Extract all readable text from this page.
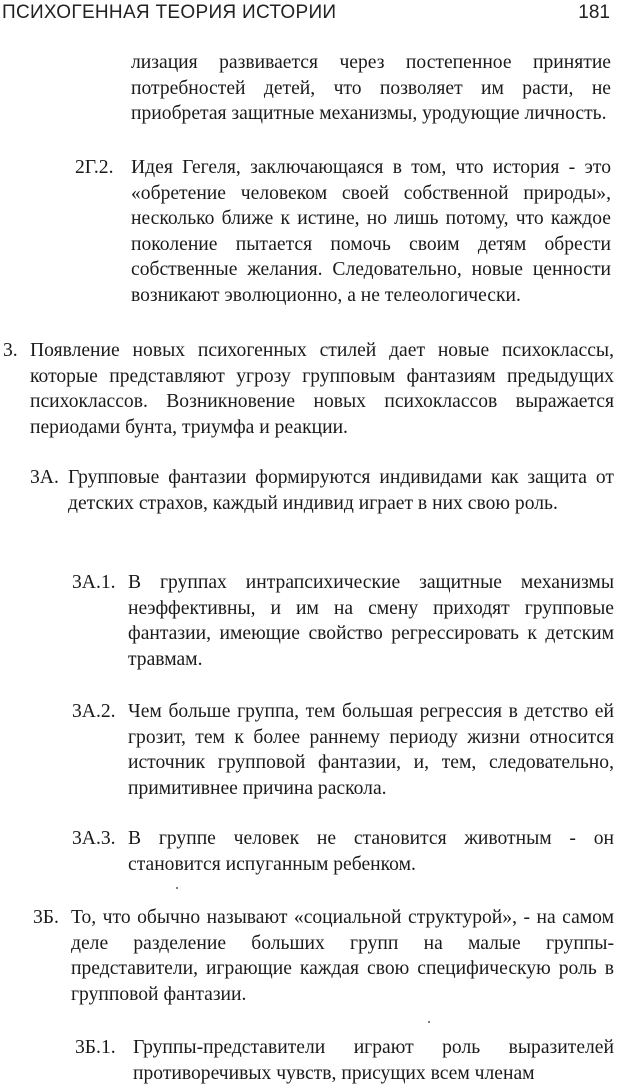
ПСИХОГЕННАЯ ТЕОРИЯ ИСТОРИИ	181
лизация развивается через постепенное принятие потребностей детей, что позволяет им расти, не приобретая защитные механизмы, уродующие личность.
2Г.2. Идея Гегеля, заключающаяся в том, что история - это «обретение человеком своей собственной природы», несколько ближе к истине, но лишь потому, что каждое поколение пытается помочь своим детям обрести собственные желания. Следовательно, новые ценности возникают эволюционно, а не телеологически.
3. Появление новых психогенных стилей дает новые психоклассы, которые представляют угрозу групповым фантазиям предыдущих психоклассов. Возникновение новых психоклассов выражается периодами бунта, триумфа и реакции.
3А. Групповые фантазии формируются индивидами как защита от детских страхов, каждый индивид играет в них свою роль.
3А.1. В группах интрапсихические защитные механизмы неэффективны, и им на смену приходят групповые фантазии, имеющие свойство регрессировать к детским травмам.
3А.2. Чем больше группа, тем большая регрессия в детство ей грозит, тем к более раннему периоду жизни относится источник групповой фантазии, и, тем, следовательно, примитивнее причина раскола.
3А.3. В группе человек не становится животным - он становится испуганным ребенком.
3Б. То, что обычно называют «социальной структурой», - на самом деле разделение больших групп на малые группы-представители, играющие каждая свою специфическую роль в групповой фантазии.
3Б.1. Группы-представители играют роль выразителей противоречивых чувств, присущих всем членам
